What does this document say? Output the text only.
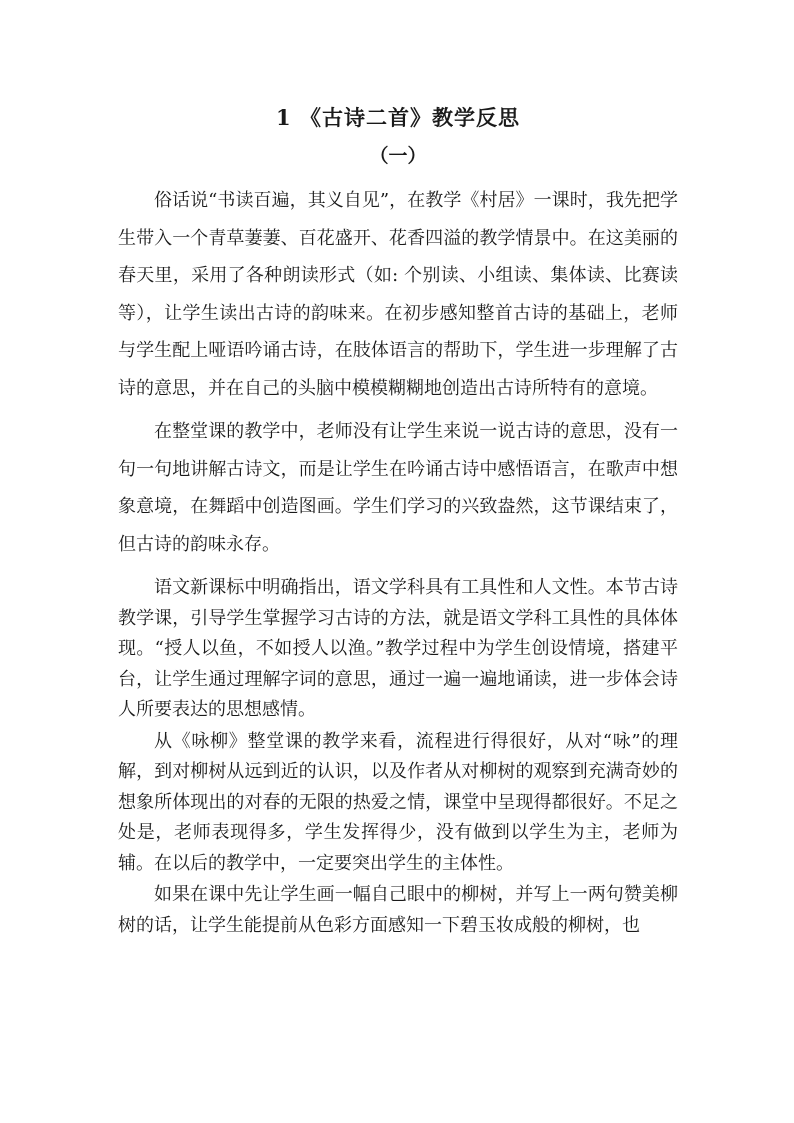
1 《古诗二首》教学反思
（一）

俗话说“书读百遍，其义自见”，在教学《村居》一课时，我先把学生带入一个青草萋萋、百花盛开、花香四溢的教学情景中。在这美丽的春天里，采用了各种朗读形式（如: 个别读、小组读、集体读、比赛读等），让学生读出古诗的韵味来。在初步感知整首古诗的基础上，老师与学生配上哑语吟诵古诗，在肢体语言的帮助下，学生进一步理解了古诗的意思，并在自己的头脑中模模糊糊地创造出古诗所特有的意境。

在整堂课的教学中，老师没有让学生来说一说古诗的意思，没有一句一句地讲解古诗文，而是让学生在吟诵古诗中感悟语言，在歌声中想象意境，在舞蹈中创造图画。学生们学习的兴致盎然，这节课结束了，但古诗的韵味永存。

语文新课标中明确指出，语文学科具有工具性和人文性。本节古诗教学课，引导学生掌握学习古诗的方法，就是语文学科工具性的具体体现。“授人以鱼，不如授人以渔。”教学过程中为学生创设情境，搭建平台，让学生通过理解字词的意思，通过一遍一遍地诵读，进一步体会诗人所要表达的思想感情。

从《咏柳》整堂课的教学来看，流程进行得很好，从对“咏”的理解，到对柳树从远到近的认识，以及作者从对柳树的观察到充满奇妙的想象所体现出的对春的无限的热爱之情，课堂中呈现得都很好。不足之处是，老师表现得多，学生发挥得少，没有做到以学生为主，老师为辅。在以后的教学中，一定要突出学生的主体性。

如果在课中先让学生画一幅自己眼中的柳树，并写上一两句赞美柳树的话，让学生能提前从色彩方面感知一下碧玉妆成般的柳树，也
